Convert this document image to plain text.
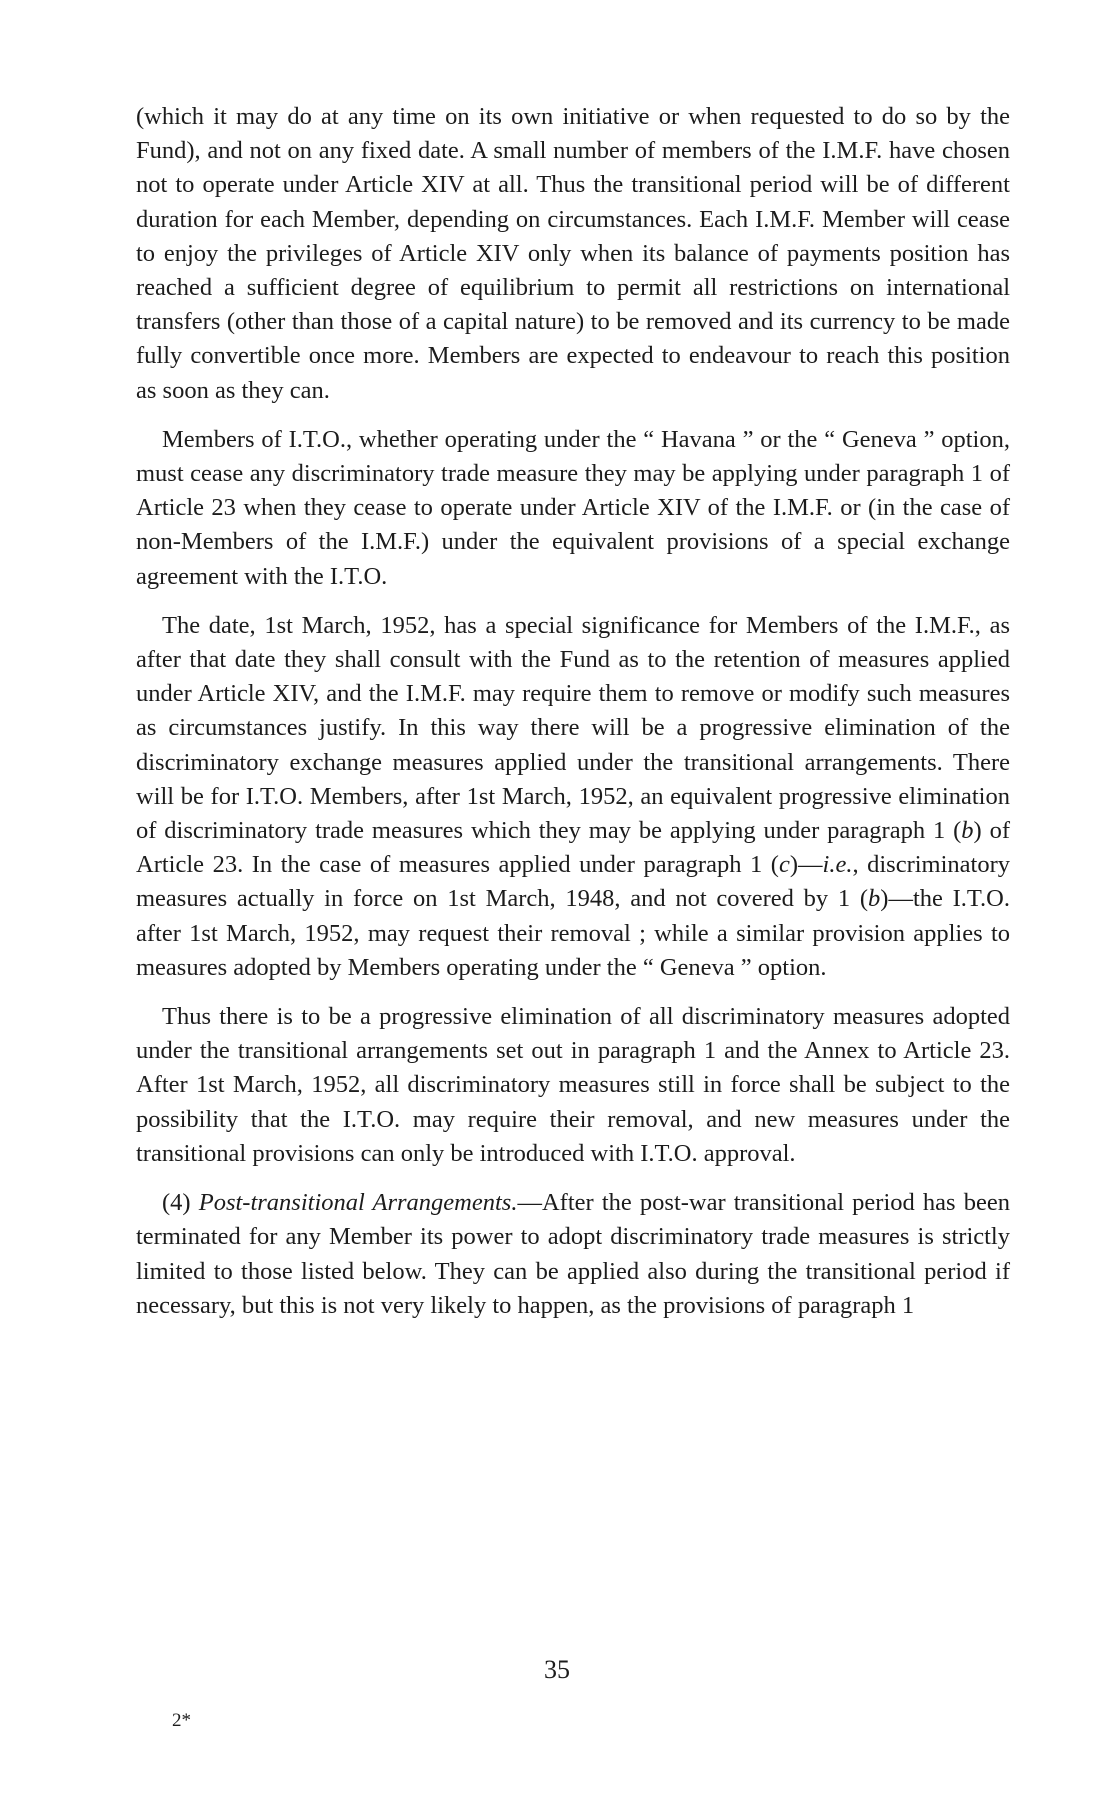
(which it may do at any time on its own initiative or when requested to do so by the Fund), and not on any fixed date. A small number of members of the I.M.F. have chosen not to operate under Article XIV at all. Thus the transitional period will be of different duration for each Member, depending on circumstances. Each I.M.F. Member will cease to enjoy the privileges of Article XIV only when its balance of payments position has reached a sufficient degree of equilibrium to permit all restrictions on international transfers (other than those of a capital nature) to be removed and its currency to be made fully convertible once more. Members are expected to endeavour to reach this position as soon as they can.

Members of I.T.O., whether operating under the “ Havana ” or the “ Geneva ” option, must cease any discriminatory trade measure they may be applying under paragraph 1 of Article 23 when they cease to operate under Article XIV of the I.M.F. or (in the case of non-Members of the I.M.F.) under the equivalent provisions of a special exchange agreement with the I.T.O.

The date, 1st March, 1952, has a special significance for Members of the I.M.F., as after that date they shall consult with the Fund as to the retention of measures applied under Article XIV, and the I.M.F. may require them to remove or modify such measures as circumstances justify. In this way there will be a progressive elimination of the discriminatory exchange measures applied under the transitional arrangements. There will be for I.T.O. Members, after 1st March, 1952, an equivalent progressive elimination of discriminatory trade measures which they may be applying under paragraph 1 (b) of Article 23. In the case of measures applied under paragraph 1 (c)—i.e., discriminatory measures actually in force on 1st March, 1948, and not covered by 1 (b)—the I.T.O. after 1st March, 1952, may request their removal ; while a similar provision applies to measures adopted by Members operating under the “ Geneva ” option.

Thus there is to be a progressive elimination of all discriminatory measures adopted under the transitional arrangements set out in paragraph 1 and the Annex to Article 23. After 1st March, 1952, all discriminatory measures still in force shall be subject to the possibility that the I.T.O. may require their removal, and new measures under the transitional provisions can only be introduced with I.T.O. approval.

(4) Post-transitional Arrangements.—After the post-war transitional period has been terminated for any Member its power to adopt discriminatory trade measures is strictly limited to those listed below. They can be applied also during the transitional period if necessary, but this is not very likely to happen, as the provisions of paragraph 1

35
2*
